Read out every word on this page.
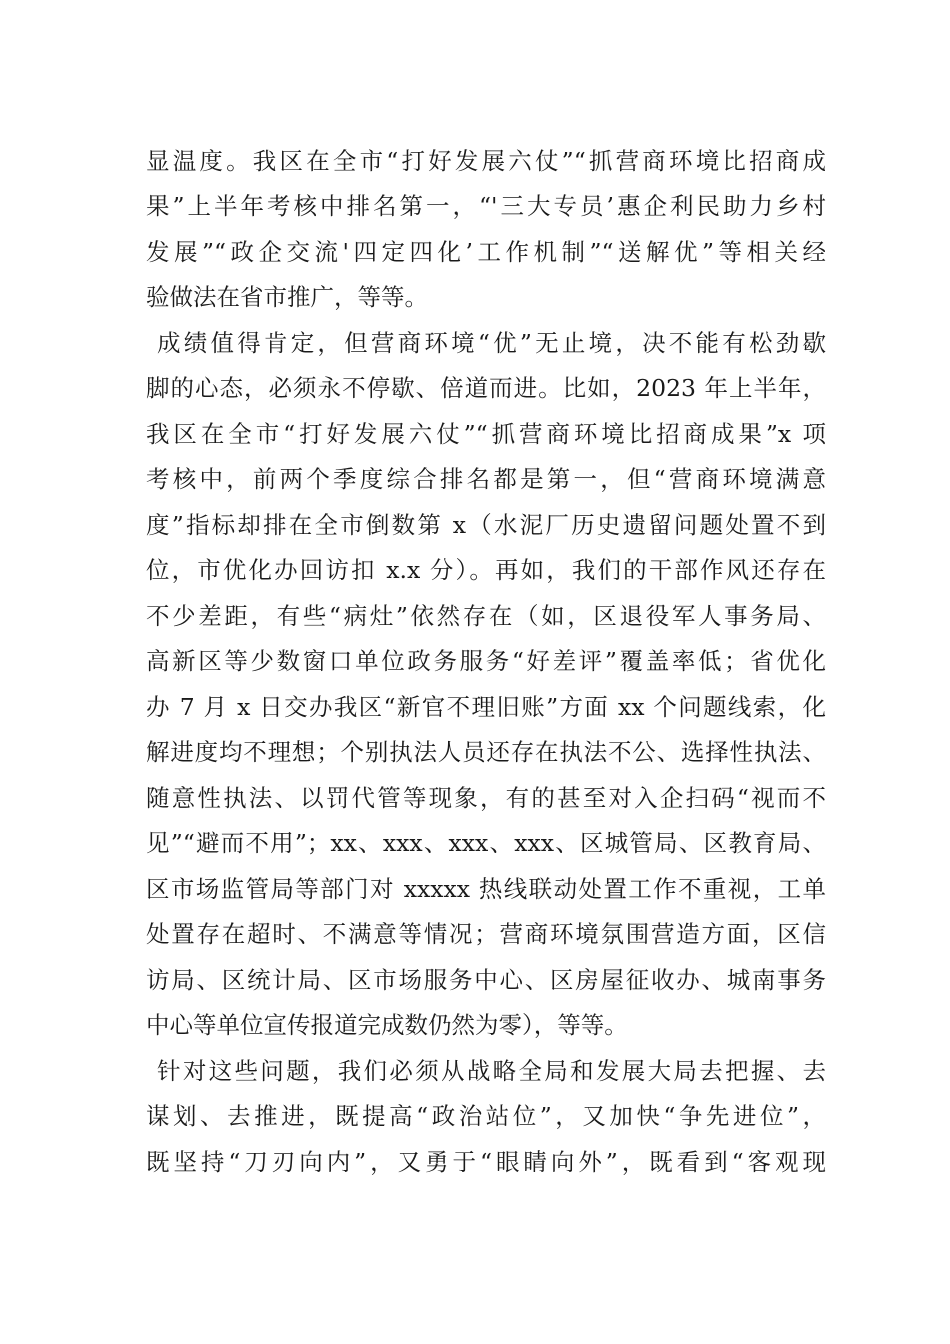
显温度。我区在全市“打好发展六仗”“抓营商环境比招商成
果”上半年考核中排名第一，“'三大专员’惠企利民助力乡村
发展”“政企交流'四定四化’工作机制”“送解优”等相关经
验做法在省市推广，等等。
成绩值得肯定，但营商环境“优”无止境，决不能有松劲歇
脚的心态，必须永不停歇、倍道而进。比如，2023 年上半年，
我区在全市“打好发展六仗”“抓营商环境比招商成果”x 项
考核中，前两个季度综合排名都是第一，但“营商环境满意
度”指标却排在全市倒数第 x（水泥厂历史遗留问题处置不到
位，市优化办回访扣 x.x 分）。再如，我们的干部作风还存在
不少差距，有些“病灶”依然存在（如，区退役军人事务局、
高新区等少数窗口单位政务服务“好差评”覆盖率低；省优化
办 7 月 x 日交办我区“新官不理旧账”方面 xx 个问题线索，化
解进度均不理想；个别执法人员还存在执法不公、选择性执法、
随意性执法、以罚代管等现象，有的甚至对入企扫码“视而不
见”“避而不用”；xx、xxx、xxx、xxx、区城管局、区教育局、
区市场监管局等部门对 xxxxx 热线联动处置工作不重视，工单
处置存在超时、不满意等情况；营商环境氛围营造方面，区信
访局、区统计局、区市场服务中心、区房屋征收办、城南事务
中心等单位宣传报道完成数仍然为零），等等。
针对这些问题，我们必须从战略全局和发展大局去把握、去
谋划、去推进，既提高“政治站位”，又加快“争先进位”，
既坚持“刀刃向内”，又勇于“眼睛向外”，既看到“客观现
